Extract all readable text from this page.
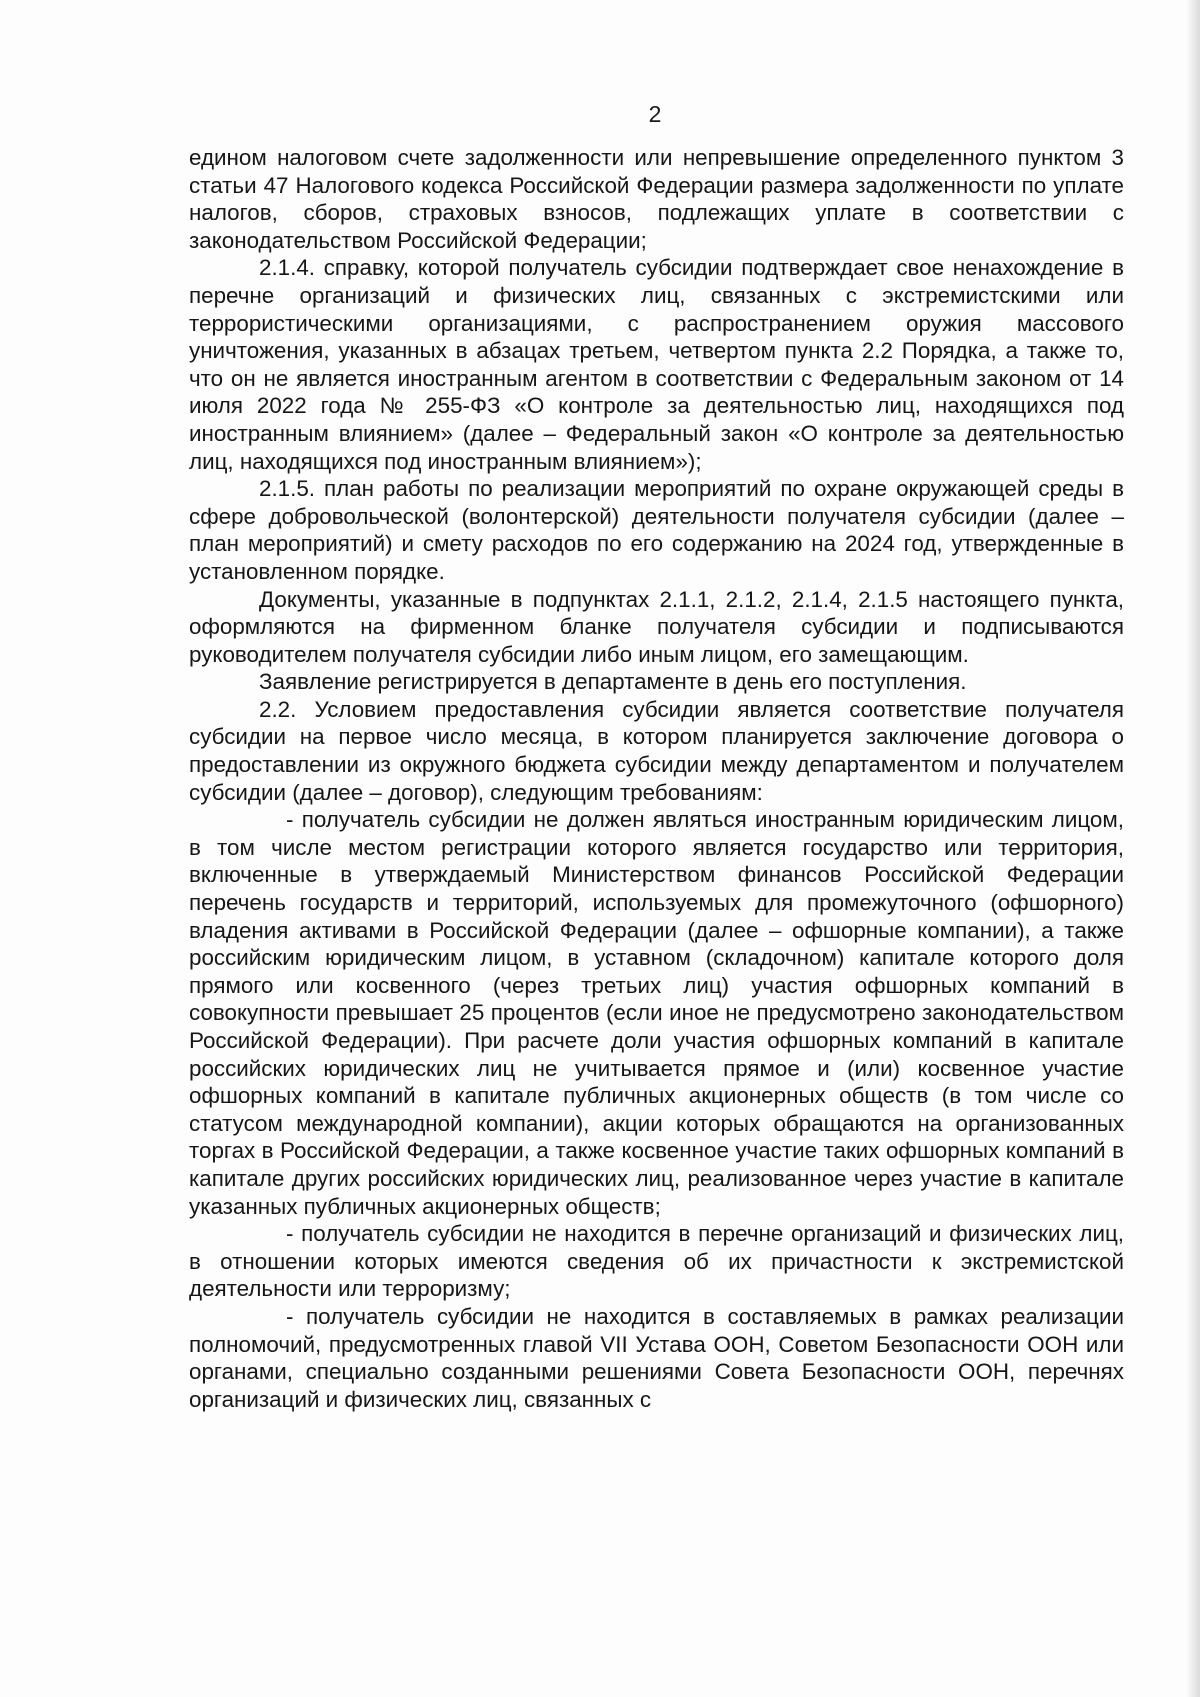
2

едином налоговом счете задолженности или непревышение определенного пунктом 3 статьи 47 Налогового кодекса Российской Федерации размера задолженности по уплате налогов, сборов, страховых взносов, подлежащих уплате в соответствии с законодательством Российской Федерации;

2.1.4. справку, которой получатель субсидии подтверждает свое ненахождение в перечне организаций и физических лиц, связанных с экстремистскими или террористическими организациями, с распространением оружия массового уничтожения, указанных в абзацах третьем, четвертом пункта 2.2 Порядка, а также то, что он не является иностранным агентом в соответствии с Федеральным законом от 14 июля 2022 года № 255-ФЗ «О контроле за деятельностью лиц, находящихся под иностранным влиянием» (далее – Федеральный закон «О контроле за деятельностью лиц, находящихся под иностранным влиянием»);

2.1.5. план работы по реализации мероприятий по охране окружающей среды в сфере добровольческой (волонтерской) деятельности получателя субсидии (далее – план мероприятий) и смету расходов по его содержанию на 2024 год, утвержденные в установленном порядке.

Документы, указанные в подпунктах 2.1.1, 2.1.2, 2.1.4, 2.1.5 настоящего пункта, оформляются на фирменном бланке получателя субсидии и подписываются руководителем получателя субсидии либо иным лицом, его замещающим.

Заявление регистрируется в департаменте в день его поступления.

2.2. Условием предоставления субсидии является соответствие получателя субсидии на первое число месяца, в котором планируется заключение договора о предоставлении из окружного бюджета субсидии между департаментом и получателем субсидии (далее – договор), следующим требованиям:

- получатель субсидии не должен являться иностранным юридическим лицом, в том числе местом регистрации которого является государство или территория, включенные в утверждаемый Министерством финансов Российской Федерации перечень государств и территорий, используемых для промежуточного (офшорного) владения активами в Российской Федерации (далее – офшорные компании), а также российским юридическим лицом, в уставном (складочном) капитале которого доля прямого или косвенного (через третьих лиц) участия офшорных компаний в совокупности превышает 25 процентов (если иное не предусмотрено законодательством Российской Федерации). При расчете доли участия офшорных компаний в капитале российских юридических лиц не учитывается прямое и (или) косвенное участие офшорных компаний в капитале публичных акционерных обществ (в том числе со статусом международной компании), акции которых обращаются на организованных торгах в Российской Федерации, а также косвенное участие таких офшорных компаний в капитале других российских юридических лиц, реализованное через участие в капитале указанных публичных акционерных обществ;

- получатель субсидии не находится в перечне организаций и физических лиц, в отношении которых имеются сведения об их причастности к экстремистской деятельности или терроризму;

- получатель субсидии не находится в составляемых в рамках реализации полномочий, предусмотренных главой VII Устава ООН, Советом Безопасности ООН или органами, специально созданными решениями Совета Безопасности ООН, перечнях организаций и физических лиц, связанных с
